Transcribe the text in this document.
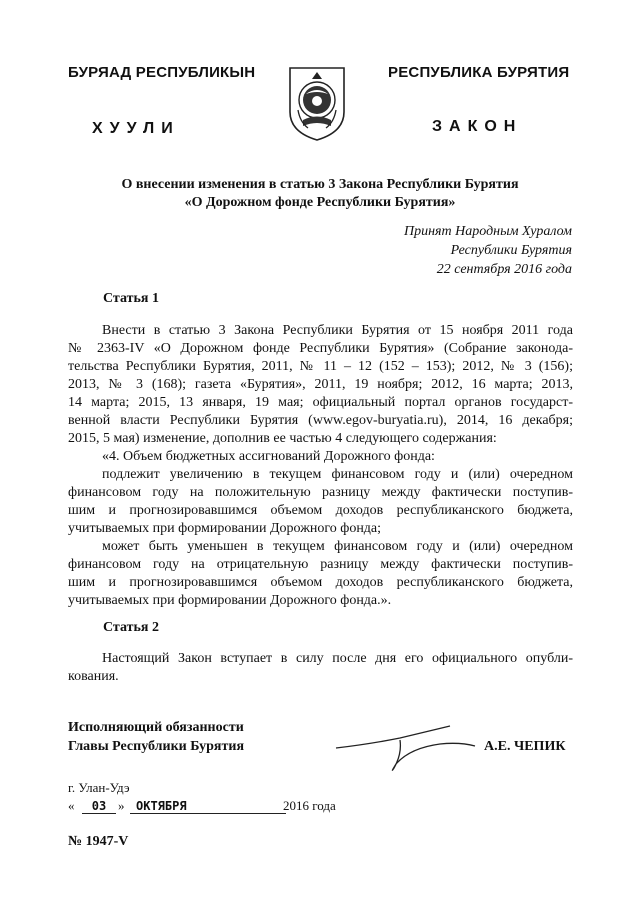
БУРЯАД РЕСПУБЛИКЫН
ХУУЛИ
РЕСПУБЛИКА БУРЯТИЯ
ЗАКОН
О внесении изменения в статью 3 Закона Республики Бурятия
«О Дорожном фонде Республики Бурятия»
Принят Народным Хуралом
Республики Бурятия
22 сентября 2016 года
Статья 1
Внести в статью 3 Закона Республики Бурятия от 15 ноября 2011 года
№ 2363-IV «О Дорожном фонде Республики Бурятия» (Собрание законода-
тельства Республики Бурятия, 2011, № 11 – 12 (152 – 153); 2012, № 3 (156);
2013, № 3 (168); газета «Бурятия», 2011, 19 ноября; 2012, 16 марта; 2013,
14 марта; 2015, 13 января, 19 мая; официальный портал органов государст-
венной власти Республики Бурятия (www.egov-buryatia.ru), 2014, 16 декабря;
2015, 5 мая) изменение, дополнив ее частью 4 следующего содержания:
«4. Объем бюджетных ассигнований Дорожного фонда:
подлежит увеличению в текущем финансовом году и (или) очередном
финансовом году на положительную разницу между фактически поступив-
шим и прогнозировавшимся объемом доходов республиканского бюджета,
учитываемых при формировании Дорожного фонда;
может быть уменьшен в текущем финансовом году и (или) очередном
финансовом году на отрицательную разницу между фактически поступив-
шим и прогнозировавшимся объемом доходов республиканского бюджета,
учитываемых при формировании Дорожного фонда.».
Статья 2
Настоящий Закон вступает в силу после дня его официального опубли-
кования.
Исполняющий обязанности
Главы Республики Бурятия	А.Е. ЧЕПИК
г. Улан-Удэ
«	03 » ОКТЯБРЯ	2016 года
№ 1947-V
